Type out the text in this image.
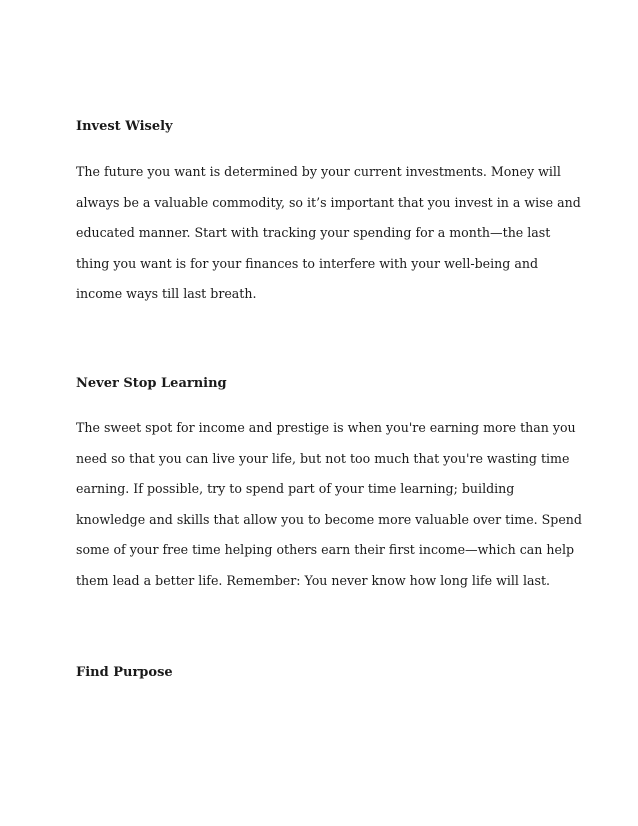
Invest Wisely
The future you want is determined by your current investments. Money will
always be a valuable commodity, so it’s important that you invest in a wise and
educated manner. Start with tracking your spending for a month—the last
thing you want is for your finances to interfere with your well-being and
income ways till last breath.
Never Stop Learning
The sweet spot for income and prestige is when you're earning more than you
need so that you can live your life, but not too much that you're wasting time
earning. If possible, try to spend part of your time learning; building
knowledge and skills that allow you to become more valuable over time. Spend
some of your free time helping others earn their first income—which can help
them lead a better life. Remember: You never know how long life will last.
Find Purpose
